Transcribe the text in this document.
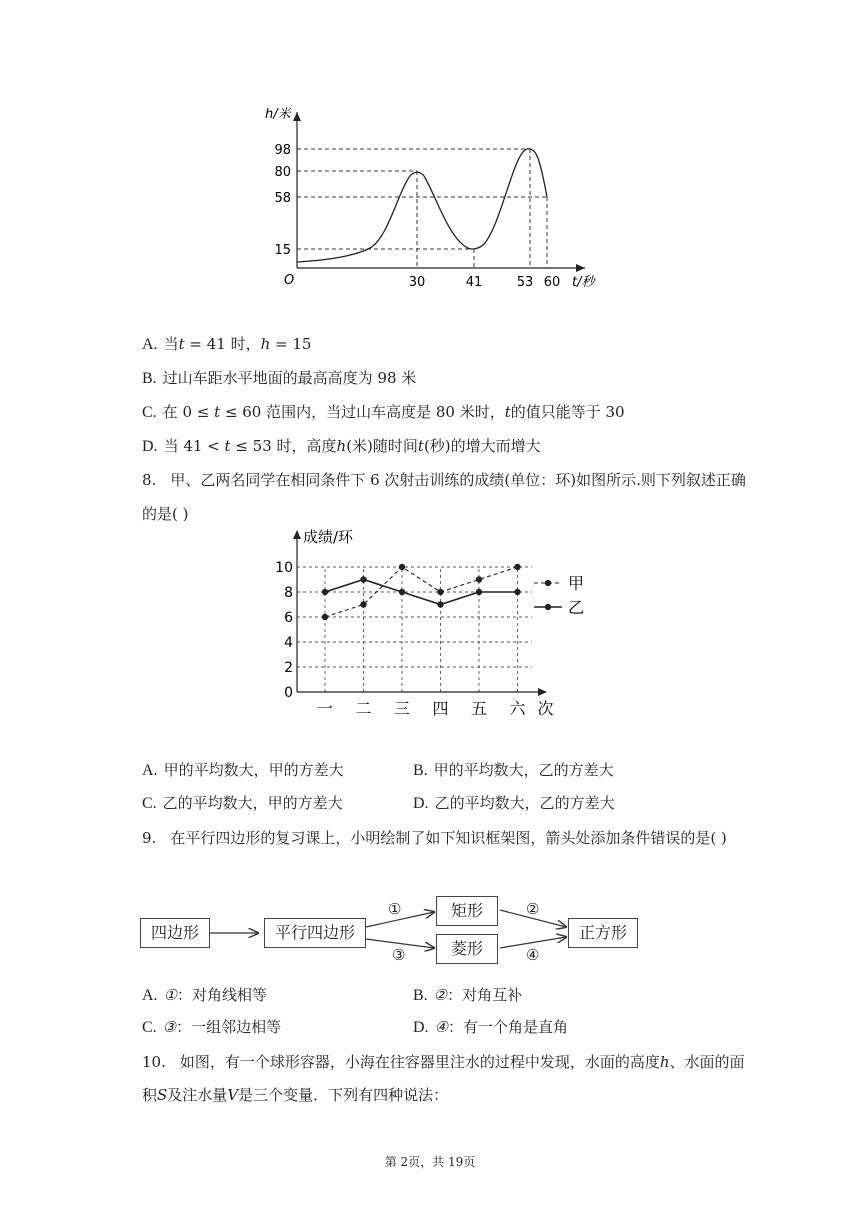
h/米
t/秒
O
98
80
58
15
30	41	53 60
A. 当t = 41 时，h = 15
B. 过山车距水平地面的最高高度为 98 米
C. 在 0 ≤ t ≤ 60 范围内，当过山车高度是 80 米时，t的值只能等于 30
D. 当 41 < t ≤ 53 时，高度h(米)随时间t(秒)的增大而增大
8. 甲、乙两名同学在相同条件下 6 次射击训练的成绩(单位：环)如图所示.则下列叙述正确
的是( )
0
2
4
6
8
10
一 二 三 四 五 六 次
成绩/环
甲
乙
A. 甲的平均数大，甲的方差大	B. 甲的平均数大，乙的方差大
C. 乙的平均数大，甲的方差大	D. 乙的平均数大，乙的方差大
9. 在平行四边形的复习课上，小明绘制了如下知识框架图，箭头处添加条件错误的是( )
四边形	平行四边形
矩形
菱形
正方形
①	②
③	④
A. ①：对角线相等	B. ②：对角互补
C. ③：一组邻边相等	D. ④：有一个角是直角
10. 如图，有一个球形容器，小海在往容器里注水的过程中发现，水面的高度h、水面的面
积S及注水量V是三个变量．下列有四种说法：
第 2页，共 19页
